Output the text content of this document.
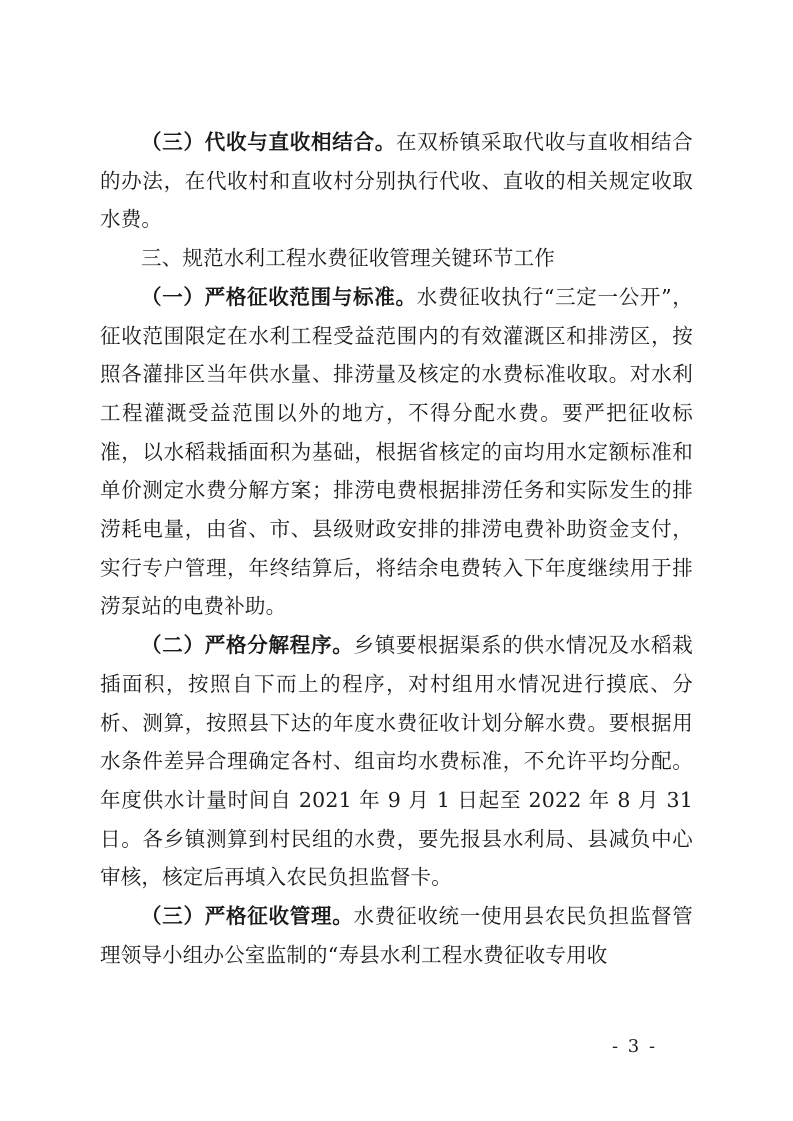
（三）代收与直收相结合。在双桥镇采取代收与直收相结合的办法，在代收村和直收村分别执行代收、直收的相关规定收取水费。

三、规范水利工程水费征收管理关键环节工作

（一）严格征收范围与标准。水费征收执行“三定一公开”，征收范围限定在水利工程受益范围内的有效灌溉区和排涝区，按照各灌排区当年供水量、排涝量及核定的水费标准收取。对水利工程灌溉受益范围以外的地方，不得分配水费。要严把征收标准，以水稻栽插面积为基础，根据省核定的亩均用水定额标准和单价测定水费分解方案；排涝电费根据排涝任务和实际发生的排涝耗电量，由省、市、县级财政安排的排涝电费补助资金支付，实行专户管理，年终结算后，将结余电费转入下年度继续用于排涝泵站的电费补助。

（二）严格分解程序。乡镇要根据渠系的供水情况及水稻栽插面积，按照自下而上的程序，对村组用水情况进行摸底、分析、测算，按照县下达的年度水费征收计划分解水费。要根据用水条件差异合理确定各村、组亩均水费标准，不允许平均分配。年度供水计量时间自 2021 年 9 月 1 日起至 2022 年 8 月 31 日。各乡镇测算到村民组的水费，要先报县水利局、县减负中心审核，核定后再填入农民负担监督卡。

（三）严格征收管理。水费征收统一使用县农民负担监督管理领导小组办公室监制的“寿县水利工程水费征收专用收

- 3 -
